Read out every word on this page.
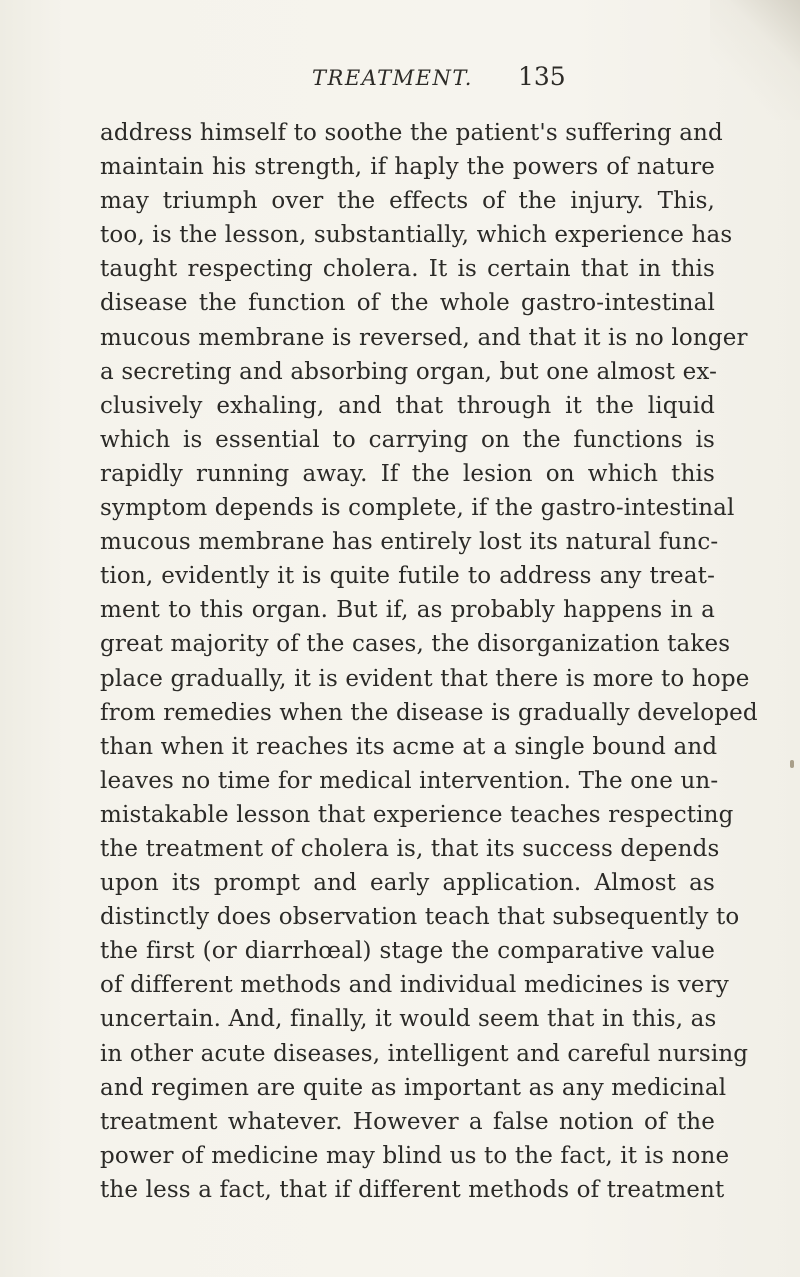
TREATMENT. 135
address himself to soothe the patient's suffering and
maintain his strength, if haply the powers of nature
may triumph over the effects of the injury. This,
too, is the lesson, substantially, which experience has
taught respecting cholera. It is certain that in this
disease the function of the whole gastro-intestinal
mucous membrane is reversed, and that it is no longer
a secreting and absorbing organ, but one almost ex-
clusively exhaling, and that through it the liquid
which is essential to carrying on the functions is
rapidly running away. If the lesion on which this
symptom depends is complete, if the gastro-intestinal
mucous membrane has entirely lost its natural func-
tion, evidently it is quite futile to address any treat-
ment to this organ. But if, as probably happens in a
great majority of the cases, the disorganization takes
place gradually, it is evident that there is more to hope
from remedies when the disease is gradually developed
than when it reaches its acme at a single bound and
leaves no time for medical intervention. The one un-
mistakable lesson that experience teaches respecting
the treatment of cholera is, that its success depends
upon its prompt and early application. Almost as
distinctly does observation teach that subsequently to
the first (or diarrhœal) stage the comparative value
of different methods and individual medicines is very
uncertain. And, finally, it would seem that in this, as
in other acute diseases, intelligent and careful nursing
and regimen are quite as important as any medicinal
treatment whatever. However a false notion of the
power of medicine may blind us to the fact, it is none
the less a fact, that if different methods of treatment
